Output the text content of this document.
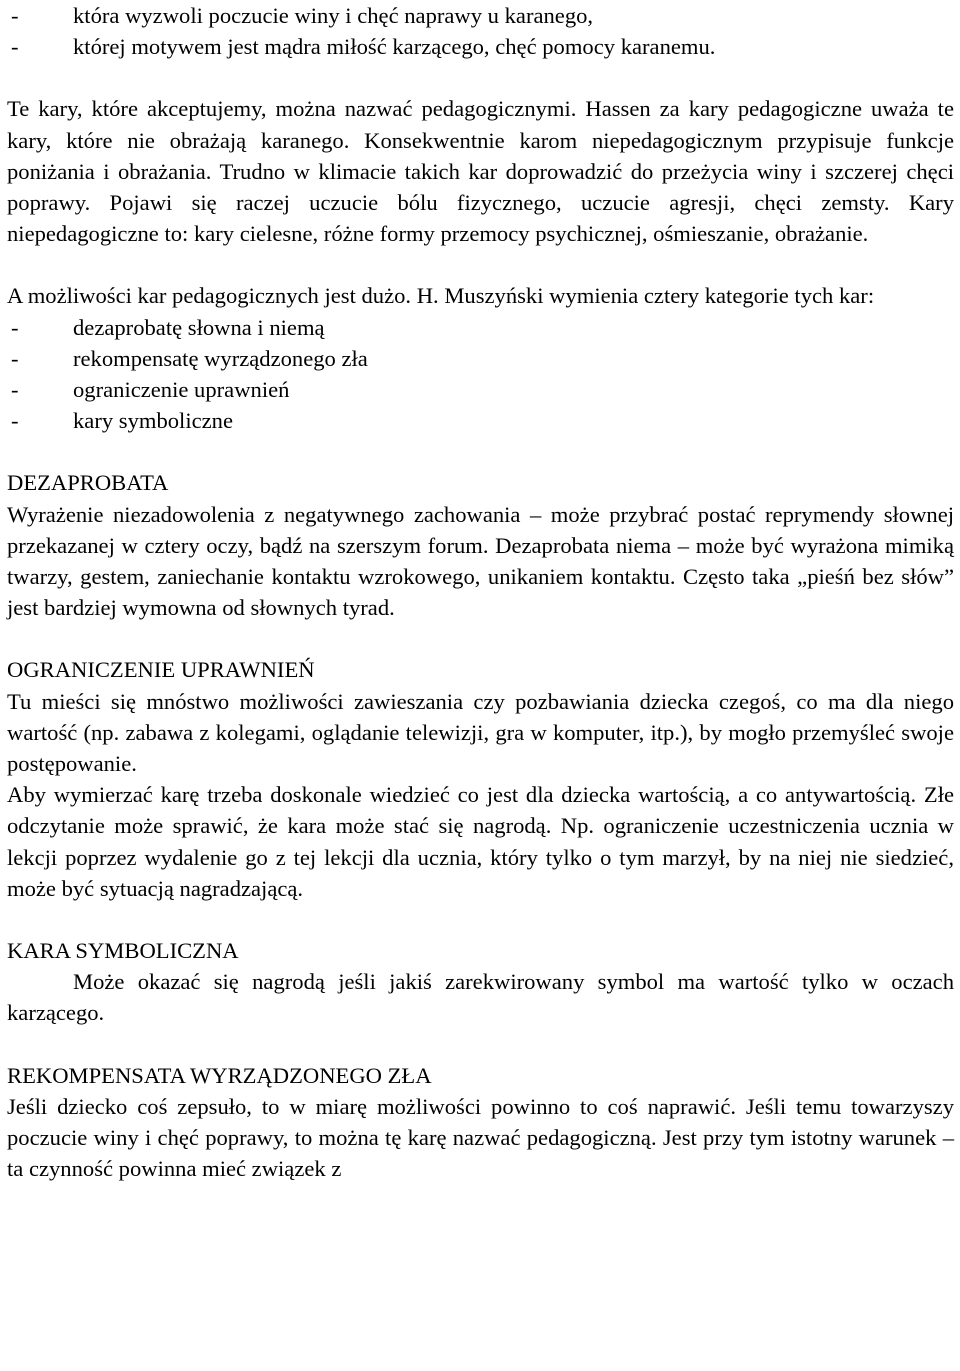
-	która wyzwoli poczucie winy i chęć naprawy u karanego,
-	której motywem jest mądra miłość karzącego, chęć pomocy karanemu.

Te kary, które akceptujemy, można nazwać pedagogicznymi. Hassen za kary pedagogiczne uważa te kary, które nie obrażają karanego. Konsekwentnie karom niepedagogicznym przypisuje funkcje poniżania i obrażania. Trudno w klimacie takich kar doprowadzić do przeżycia winy i szczerej chęci poprawy. Pojawi się raczej uczucie bólu fizycznego, uczucie agresji, chęci zemsty. Kary niepedagogiczne to: kary cielesne, różne formy przemocy psychicznej, ośmieszanie, obrażanie.

A możliwości kar pedagogicznych jest dużo. H. Muszyński wymienia cztery kategorie tych kar:

-	dezaprobatę słowna i niemą
-	rekompensatę wyrządzonego zła
-	ograniczenie uprawnień
-	kary symboliczne

DEZAPROBATA

Wyrażenie niezadowolenia z negatywnego zachowania – może przybrać postać reprymendy słownej przekazanej w cztery oczy, bądź na szerszym forum. Dezaprobata niema – może być wyrażona mimiką twarzy, gestem, zaniechanie kontaktu wzrokowego, unikaniem kontaktu. Często taka „pieśń bez słów” jest bardziej wymowna od słownych tyrad.

OGRANICZENIE UPRAWNIEŃ

Tu mieści się mnóstwo możliwości zawieszania czy pozbawiania dziecka czegoś, co ma dla niego wartość (np. zabawa z kolegami, oglądanie telewizji, gra w komputer, itp.), by mogło przemyśleć swoje postępowanie.

Aby wymierzać karę trzeba doskonale wiedzieć co jest dla dziecka wartością, a co antywartością. Złe odczytanie może sprawić, że kara może stać się nagrodą. Np. ograniczenie uczestniczenia ucznia w lekcji poprzez wydalenie go z tej lekcji dla ucznia, który tylko o tym marzył, by na niej nie siedzieć, może być sytuacją nagradzającą.

KARA SYMBOLICZNA

Może okazać się nagrodą jeśli jakiś zarekwirowany symbol ma wartość tylko w oczach karzącego.

REKOMPENSATA WYRZĄDZONEGO ZŁA

Jeśli dziecko coś zepsuło, to w miarę możliwości powinno to coś naprawić. Jeśli temu towarzyszy poczucie winy i chęć poprawy, to można tę karę nazwać pedagogiczną. Jest przy tym istotny warunek – ta czynność powinna mieć związek z
